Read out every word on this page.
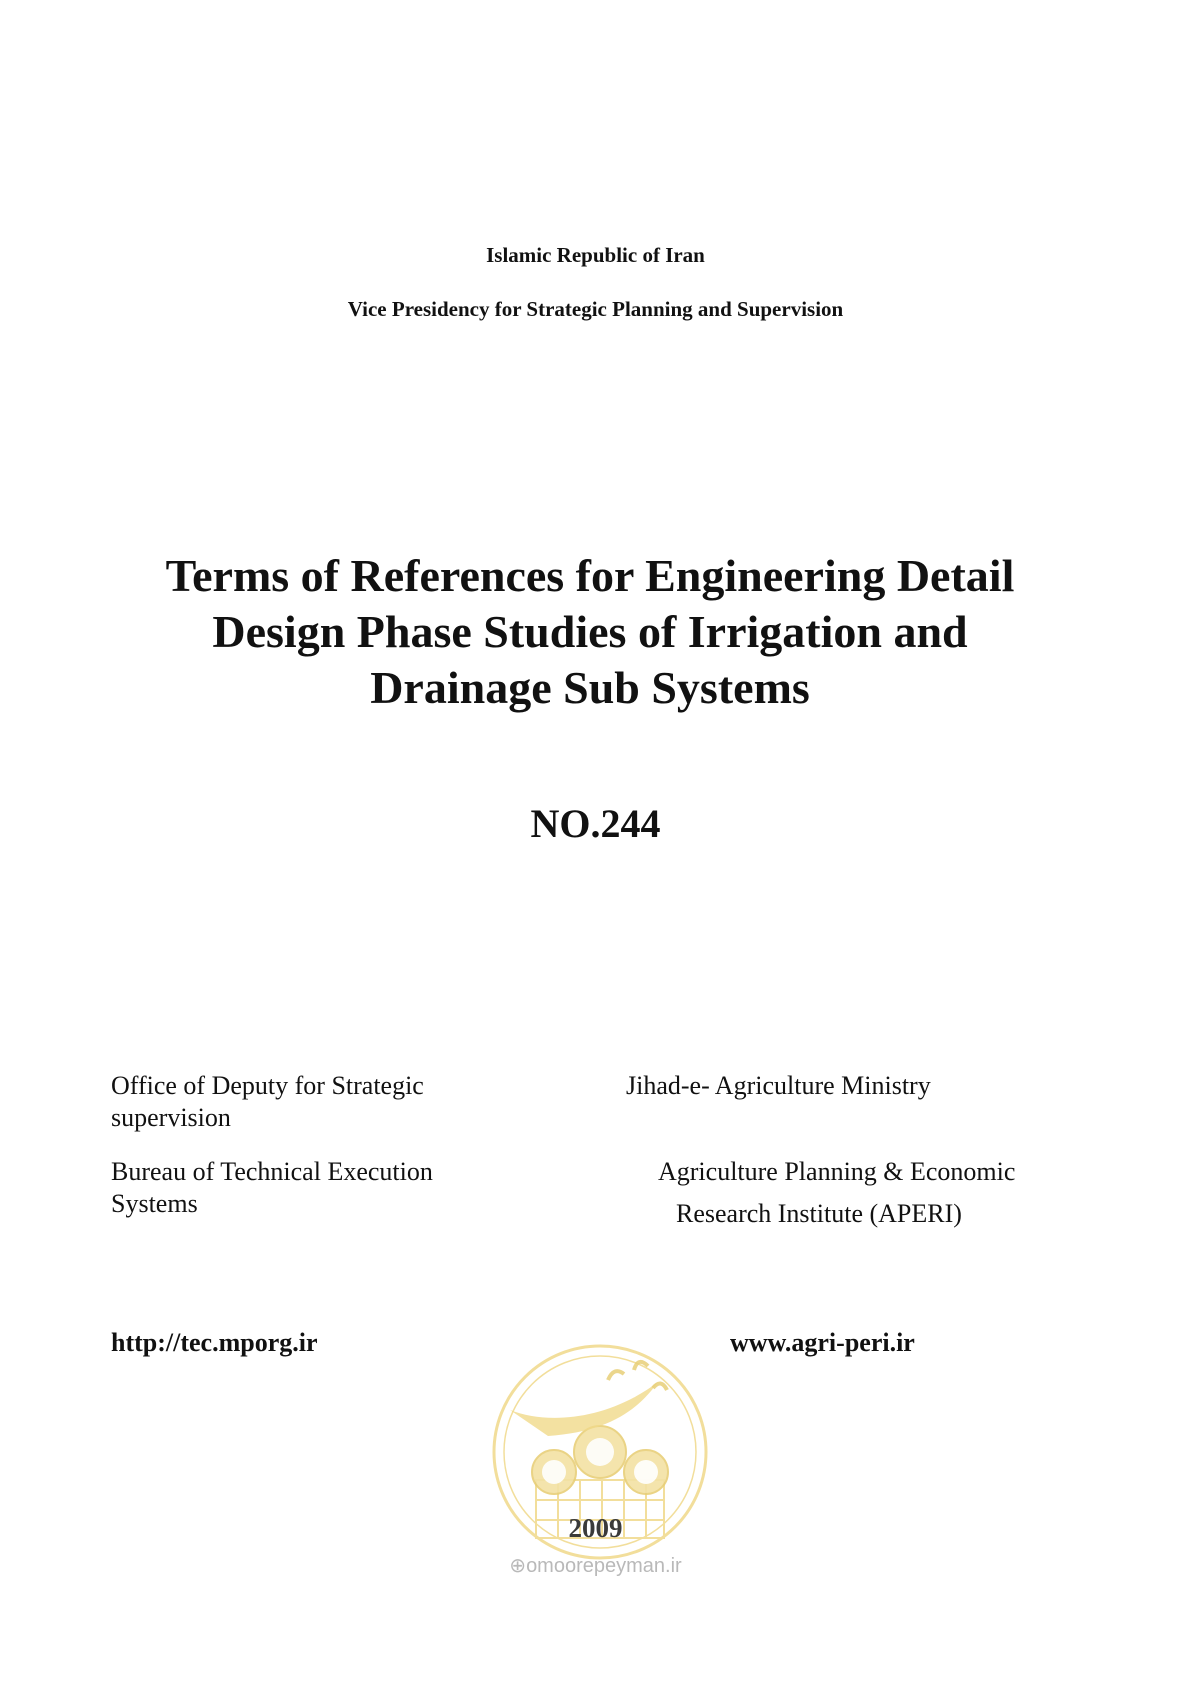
Islamic Republic of Iran
Vice Presidency for Strategic Planning and Supervision
Terms of References for Engineering Detail
Design Phase Studies of Irrigation and
Drainage Sub Systems
NO.244
Office of Deputy for Strategic supervision
Bureau of Technical Execution Systems
Jihad-e- Agriculture Ministry
Agriculture Planning & Economic
Research Institute (APERI)
http://tec.mporg.ir	www.agri-peri.ir
2009
⊕omoorepeyman.ir
